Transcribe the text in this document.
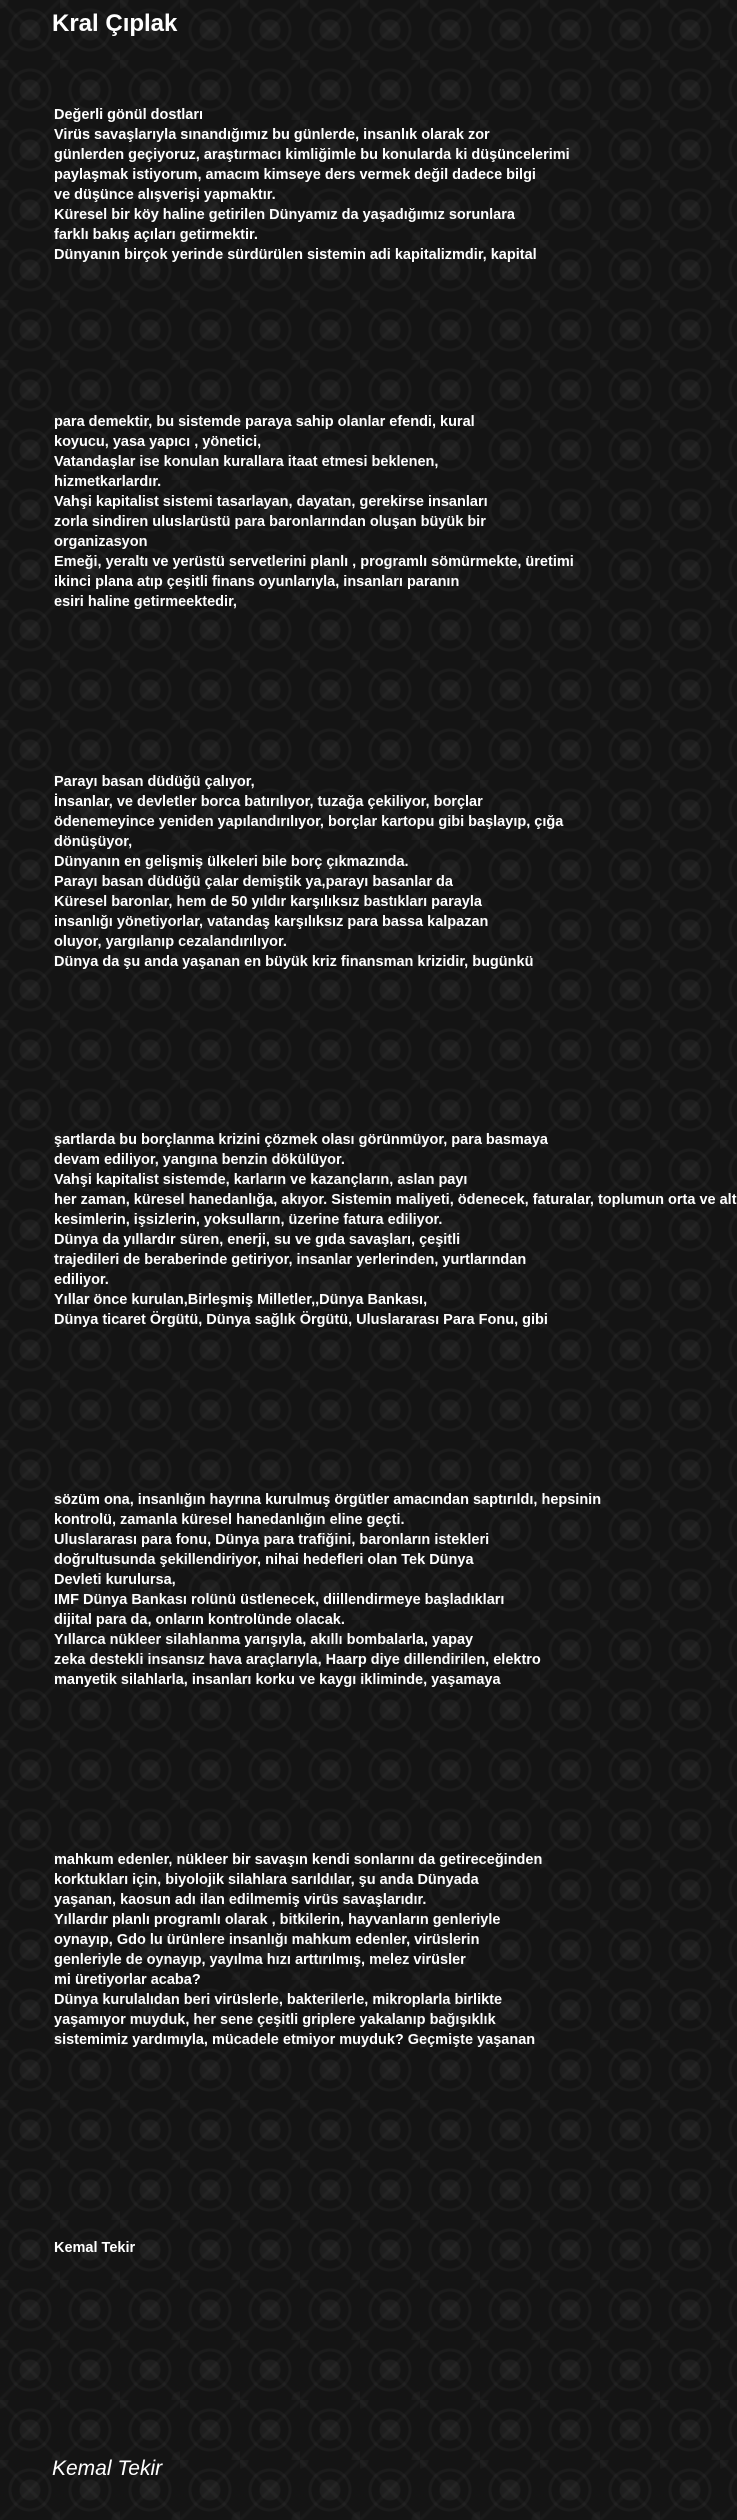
Kral Çıplak
Değerli gönül dostları
Virüs savaşlarıyla sınandığımız bu günlerde, insanlık olarak zor
günlerden geçiyoruz, araştırmacı kimliğimle bu konularda ki düşüncelerimi
paylaşmak istiyorum, amacım kimseye ders vermek değil dadece bilgi
ve düşünce alışverişi yapmaktır.
Küresel bir köy haline getirilen Dünyamız da yaşadığımız sorunlara
farklı bakış açıları getirmektir.
Dünyanın birçok yerinde sürdürülen sistemin adi kapitalizmdir, kapital
para demektir, bu sistemde paraya sahip olanlar efendi, kural
koyucu, yasa yapıcı , yönetici,
Vatandaşlar ise konulan kurallara itaat etmesi beklenen,
hizmetkarlardır.
Vahşi kapitalist sistemi tasarlayan, dayatan, gerekirse insanları
zorla sindiren uluslarüstü para baronlarından oluşan büyük bir
organizasyon
Emeği, yeraltı ve yerüstü servetlerini planlı , programlı sömürmekte, üretimi
ikinci plana atıp çeşitli finans oyunlarıyla, insanları paranın
esiri haline getirmeektedir,
Parayı basan düdüğü çalıyor,
İnsanlar, ve devletler borca batırılıyor, tuzağa çekiliyor, borçlar
ödenemeyince yeniden yapılandırılıyor, borçlar kartopu gibi başlayıp, çığa
dönüşüyor,
Dünyanın en gelişmiş ülkeleri bile borç çıkmazında.
Parayı basan düdüğü çalar demiştik ya,parayı basanlar da
Küresel baronlar, hem de 50 yıldır karşılıksız bastıkları parayla
insanlığı yönetiyorlar, vatandaş karşılıksız para bassa kalpazan
oluyor, yargılanıp cezalandırılıyor.
Dünya da şu anda yaşanan en büyük kriz finansman krizidir, bugünkü
şartlarda bu borçlanma krizini çözmek olası görünmüyor, para basmaya
devam ediliyor, yangına benzin dökülüyor.
Vahşi kapitalist sistemde, karların ve kazançların, aslan payı
her zaman, küresel hanedanlığa, akıyor. Sistemin maliyeti, ödenecek, faturalar, toplumun orta ve alt
kesimlerin, işsizlerin, yoksulların, üzerine fatura ediliyor.
Dünya da yıllardır süren, enerji, su ve gıda savaşları, çeşitli
trajedileri de beraberinde getiriyor, insanlar yerlerinden, yurtlarından
ediliyor.
Yıllar önce kurulan,Birleşmiş Milletler,,Dünya Bankası,
Dünya ticaret Örgütü, Dünya sağlık Örgütü, Uluslararası Para Fonu, gibi
sözüm ona, insanlığın hayrına kurulmuş örgütler amacından saptırıldı, hepsinin
kontrolü, zamanla küresel hanedanlığın eline geçti.
Uluslararası para fonu, Dünya para trafiğini, baronların istekleri
doğrultusunda şekillendiriyor, nihai hedefleri olan Tek Dünya
Devleti kurulursa,
IMF Dünya Bankası rolünü üstlenecek, diillendirmeye başladıkları
dijital para da, onların kontrolünde olacak.
Yıllarca nükleer silahlanma yarışıyla, akıllı bombalarla, yapay
zeka destekli insansız hava araçlarıyla, Haarp diye dillendirilen, elektro
manyetik silahlarla, insanları korku ve kaygı ikliminde, yaşamaya
mahkum edenler, nükleer bir savaşın kendi sonlarını da getireceğinden
korktukları için, biyolojik silahlara sarıldılar, şu anda Dünyada
yaşanan, kaosun adı ilan edilmemiş virüs savaşlarıdır.
Yıllardır planlı programlı olarak , bitkilerin, hayvanların genleriyle
oynayıp, Gdo lu ürünlere insanlığı mahkum edenler, virüslerin
genleriyle de oynayıp, yayılma hızı arttırılmış, melez virüsler
mi üretiyorlar acaba?
Dünya kurulalıdan beri virüslerle, bakterilerle, mikroplarla birlikte
yaşamıyor muyduk, her sene çeşitli griplere yakalanıp bağışıklık
sistemimiz yardımıyla, mücadele etmiyor muyduk? Geçmişte yaşanan
Kemal Tekir
Kemal Tekir
